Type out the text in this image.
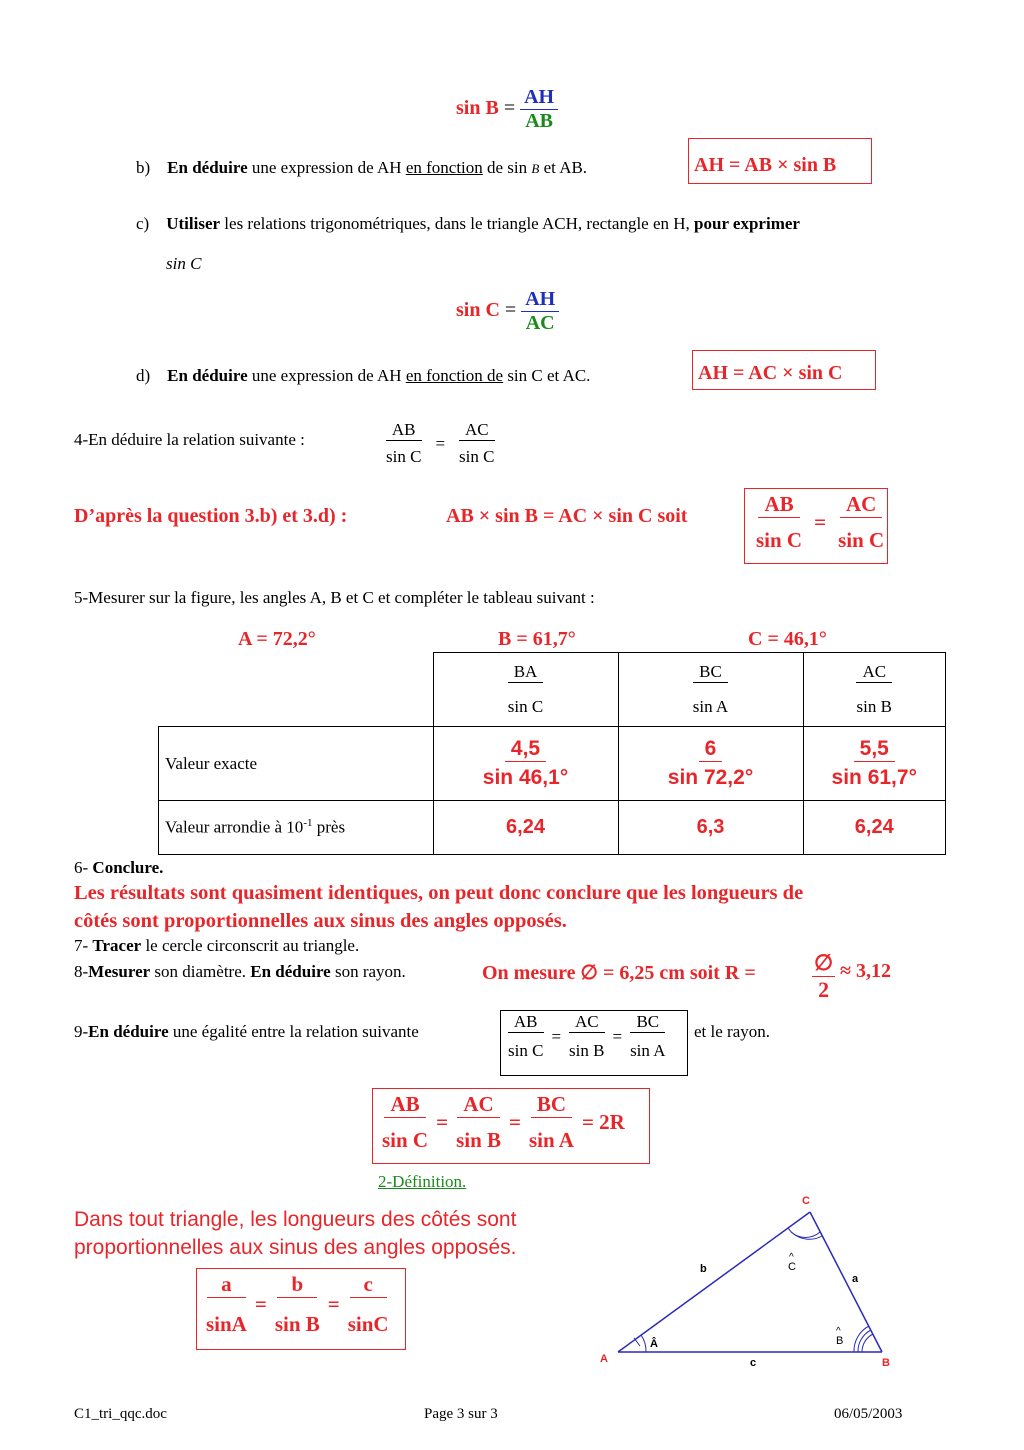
$\sin B = \frac{AH}{AB}$
b) En déduire une expression de AH en fonction de sin B et AB.	AH = AB × sin B
c) Utiliser les relations trigonométriques, dans le triangle ACH, rectangle en H, pour exprimer
sin C
$\sin C = \frac{AH}{AC}$
d) En déduire une expression de AH en fonction de sin C et AC.	AH = AC × sin C
4-En déduire la relation suivante :	$\frac{AB}{\text{sin C}} = \frac{AC}{\text{sin C}}$
D’après la question 3.b) et 3.d) :	AB × sin B = AC × sin C soit	$\frac{AB}{\text{sin C}} = \frac{AC}{\text{sin C}}$
5-Mesurer sur la figure, les angles A, B et C et compléter le tableau suivant :
A = 72,2°	B = 61,7°	C = 46,1°

	$\frac{BA}{\text{sin C}}$	$\frac{BC}{\text{sin A}}$	$\frac{AC}{\text{sin B}}$

Valeur exacte	$\frac{4,5}{\sin 46,1^\circ}$	$\frac{6}{\sin 72,2^\circ}$	$\frac{5,5}{\sin 61,7^\circ}$

Valeur arrondie à $10^{-1}$ près	6,24	6,3	6,24
6- Conclure.
Les résultats sont quasiment identiques, on peut donc conclure que les longueurs de
côtés sont proportionnelles aux sinus des angles opposés.
7- Tracer le cercle circonscrit au triangle.
8-Mesurer son diamètre. En déduire son rayon.	On mesure ∅ = 6,25 cm soit R =	∅
2
≈ 3,12
9-En déduire une égalité entre la relation suivante	$\frac{AB}{\text{sin C}} = \frac{AC}{\text{sin B}} = \frac{BC}{\text{sin A}}$ et le rayon.
$\frac{AB}{\text{sin C}} = \frac{AC}{\text{sin B}} = \frac{BC}{\text{sin A}} = 2R$
2-Définition.
Dans tout triangle, les longueurs des côtés sont
proportionnelles aux sinus des angles opposés.
$\frac{a}{\sin A} = \frac{b}{\text{sin B}} = \frac{c}{\sin C}$
C
A	B
b
a
c
Â	B
^
C
^
C1_tri_qqc.doc	Page 3 sur 3	06/05/2003
